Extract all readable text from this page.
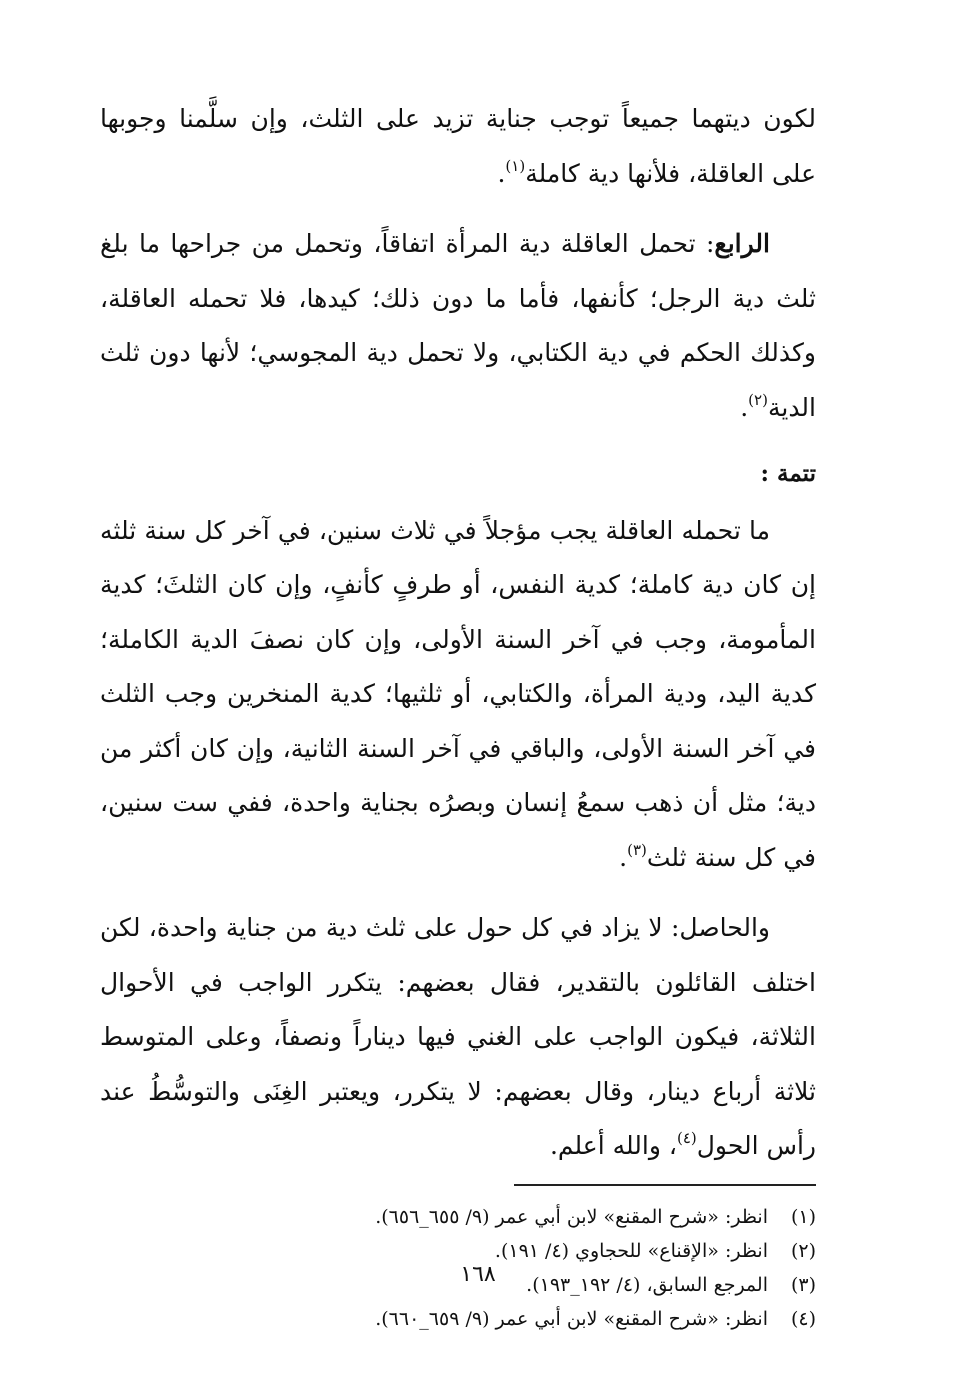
لكون ديتهما جميعاً توجب جناية تزيد على الثلث، وإن سلَّمنا وجوبها على العاقلة، فلأنها دية كاملة$^{(١)}$.

الرابع: تحمل العاقلة دية المرأة اتفاقاً، وتحمل من جراحها ما بلغ ثلث دية الرجل؛ كأنفها، فأما ما دون ذلك؛ كيدها، فلا تحمله العاقلة، وكذلك الحكم في دية الكتابي، ولا تحمل دية المجوسي؛ لأنها دون ثلث الدية$^{(٢)}$.

تتمة :

ما تحمله العاقلة يجب مؤجلاً في ثلاث سنين، في آخر كل سنة ثلثه إن كان دية كاملة؛ كدية النفس، أو طرفٍ كأنفٍ، وإن كان الثلثَ؛ كدية المأمومة، وجب في آخر السنة الأولى، وإن كان نصفَ الدية الكاملة؛ كدية اليد، ودية المرأة، والكتابي، أو ثلثيها؛ كدية المنخرين وجب الثلث في آخر السنة الأولى، والباقي في آخر السنة الثانية، وإن كان أكثر من دية؛ مثل أن ذهب سمعُ إنسان وبصرُه بجناية واحدة، ففي ست سنين، في كل سنة ثلث$^{(٣)}$.

والحاصل: لا يزاد في كل حول على ثلث دية من جناية واحدة، لكن اختلف القائلون بالتقدير، فقال بعضهم: يتكرر الواجب في الأحوال الثلاثة، فيكون الواجب على الغني فيها ديناراً ونصفاً، وعلى المتوسط ثلاثة أرباع دينار، وقال بعضهم: لا يتكرر، ويعتبر الغِنَى والتوسُّطُ عند رأس الحول$^{(٤)}$، والله أعلم.

(١)انظر: «شرح المقنع» لابن أبي عمر (٩/ ٦٥٥_٦٥٦).
(٢)انظر: «الإقناع» للحجاوي (٤/ ١٩١).
(٣)المرجع السابق، (٤/ ١٩٢_١٩٣).
(٤)انظر: «شرح المقنع» لابن أبي عمر (٩/ ٦٥٩_٦٦٠).
١٦٨
